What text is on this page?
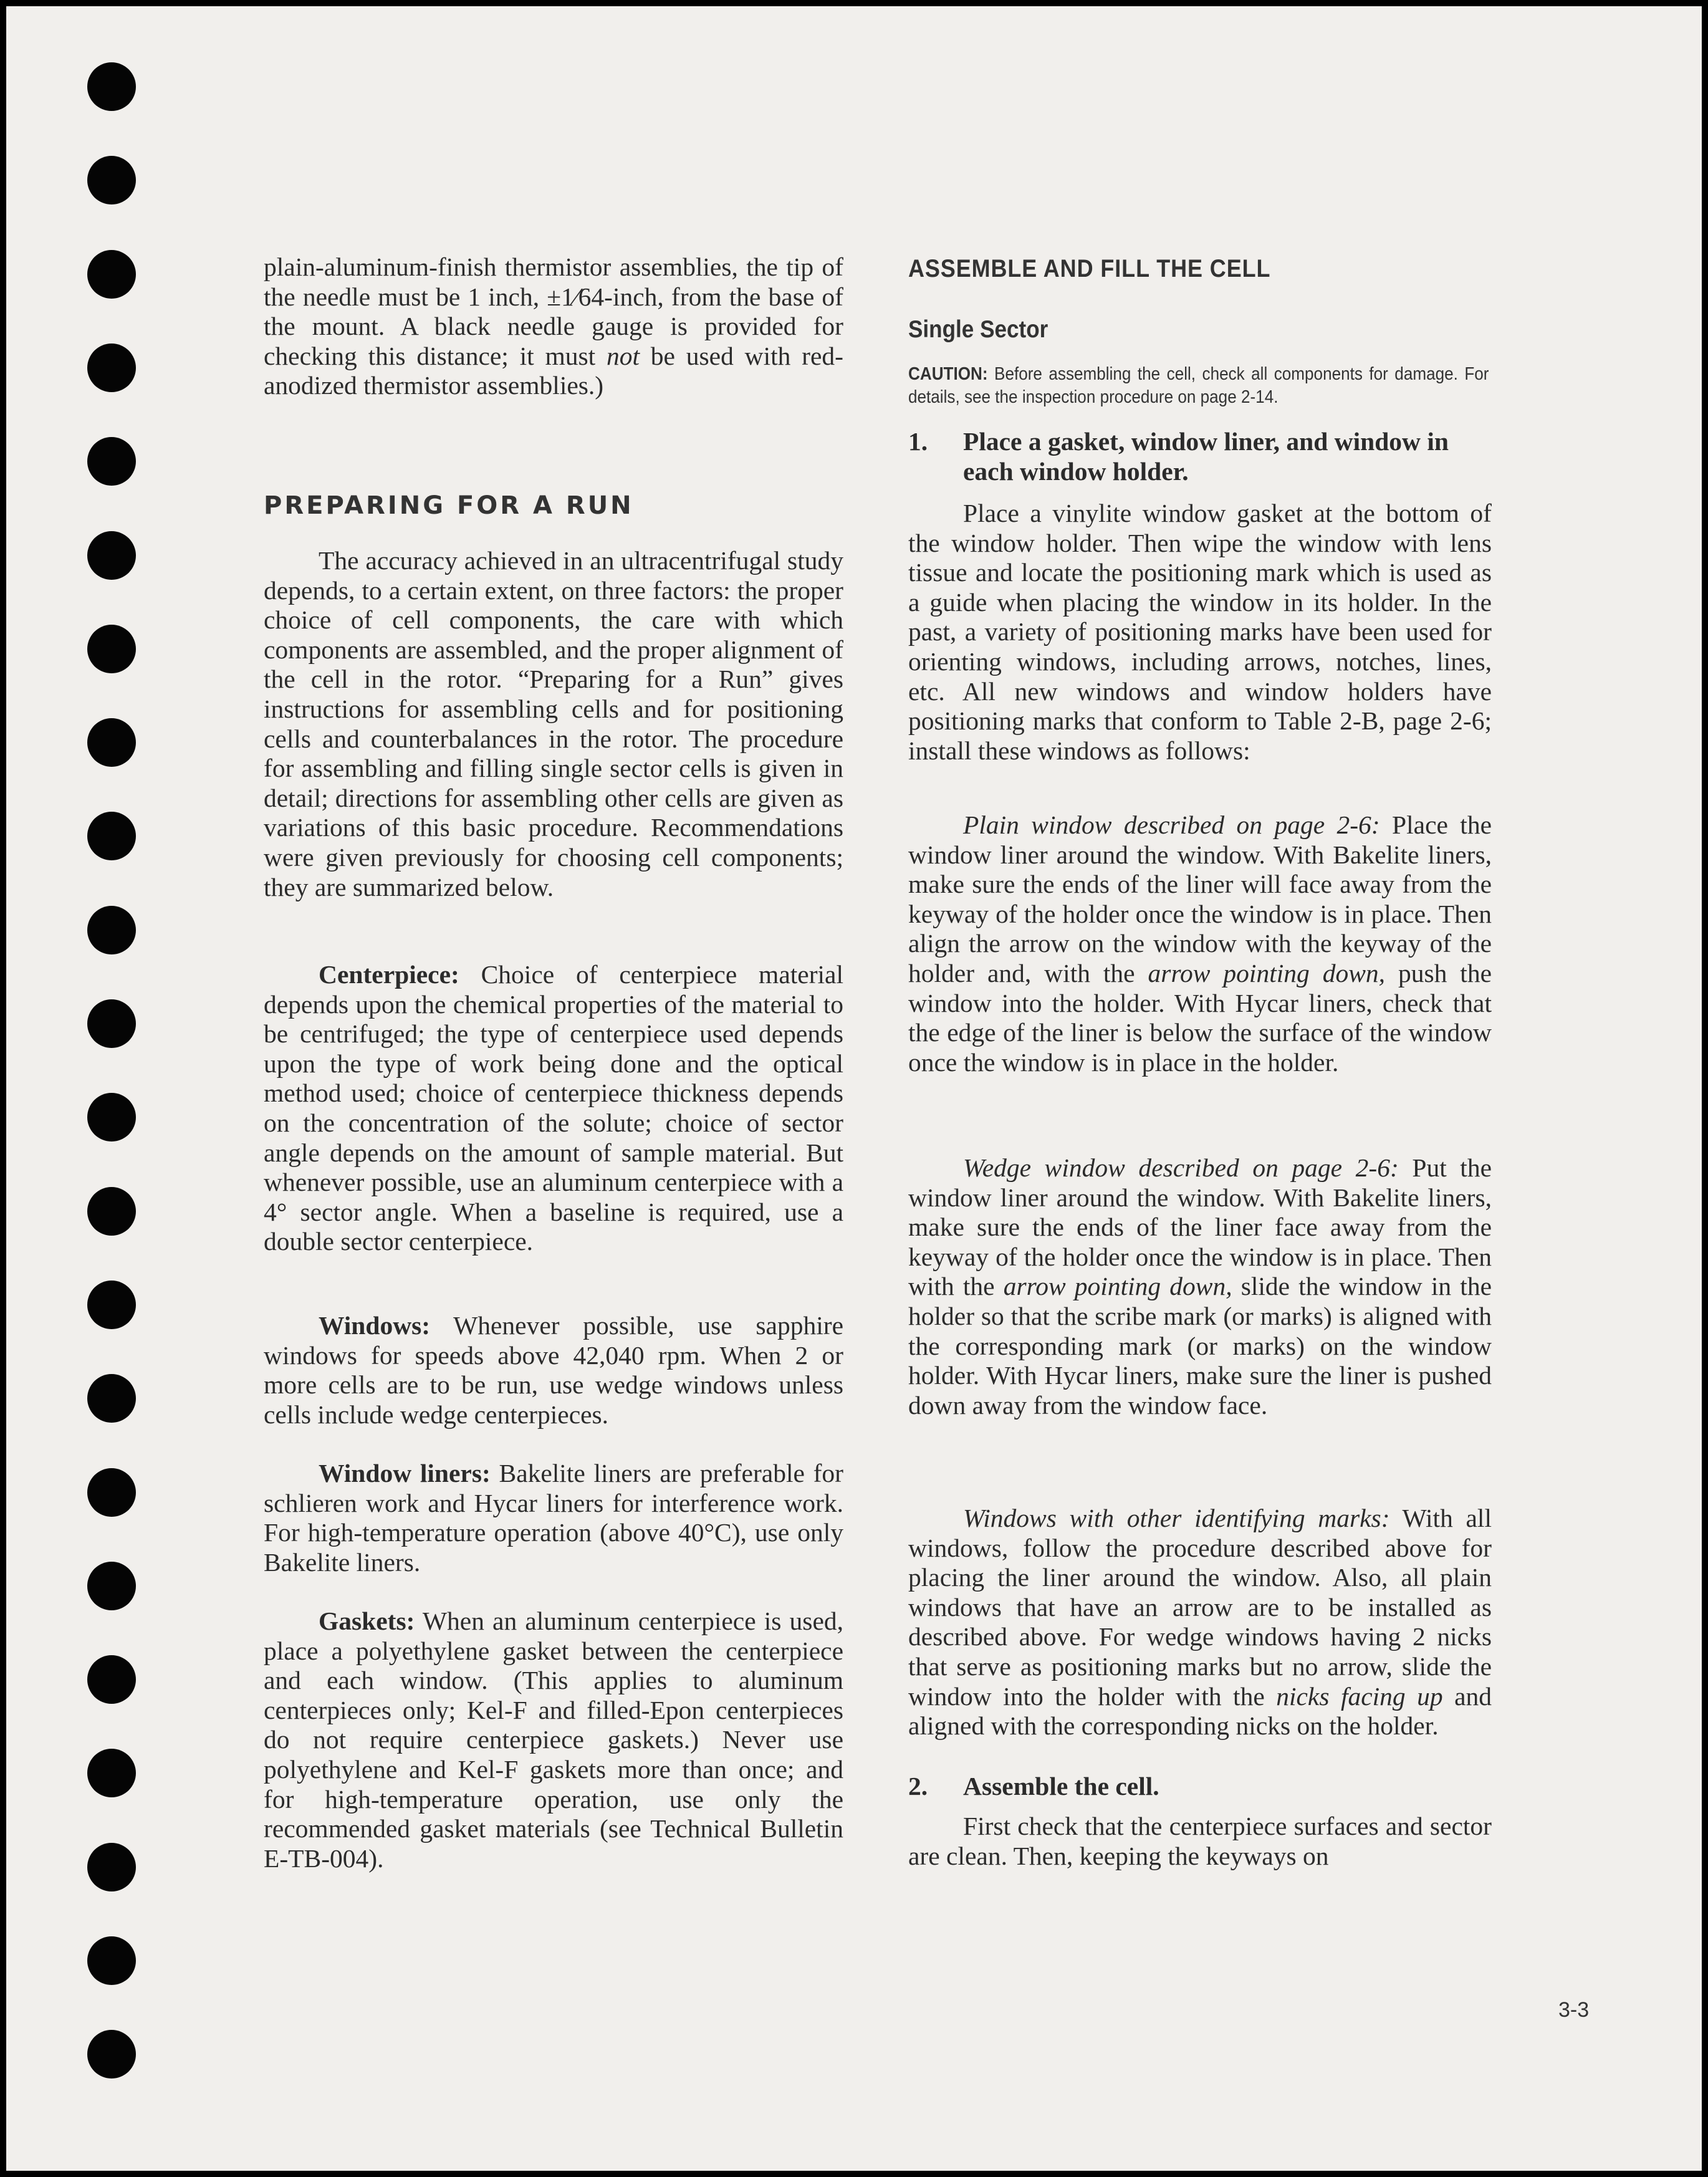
plain-aluminum-finish thermistor assemblies, the tip of the needle must be 1 inch, ±1⁄64-inch, from the base of the mount. A black needle gauge is provided for checking this distance; it must not be used with red-anodized thermistor assemblies.)
PREPARING FOR A RUN
The accuracy achieved in an ultracentrifugal study depends, to a certain extent, on three factors: the proper choice of cell components, the care with which components are assembled, and the proper alignment of the cell in the rotor. “Preparing for a Run” gives instructions for assembling cells and for positioning cells and counterbalances in the rotor. The procedure for assembling and filling single sector cells is given in detail; directions for assembling other cells are given as variations of this basic procedure. Recommendations were given previously for choosing cell components; they are summarized below.
Centerpiece: Choice of centerpiece material depends upon the chemical properties of the material to be centrifuged; the type of centerpiece used depends upon the type of work being done and the optical method used; choice of centerpiece thickness depends on the concentration of the solute; choice of sector angle depends on the amount of sample material. But whenever possible, use an aluminum centerpiece with a 4° sector angle. When a baseline is required, use a double sector centerpiece.
Windows: Whenever possible, use sapphire windows for speeds above 42,040 rpm. When 2 or more cells are to be run, use wedge windows unless cells include wedge centerpieces.
Window liners: Bakelite liners are preferable for schlieren work and Hycar liners for interference work. For high-temperature operation (above 40°C), use only Bakelite liners.
Gaskets: When an aluminum centerpiece is used, place a polyethylene gasket between the centerpiece and each window. (This applies to aluminum centerpieces only; Kel-F and filled-Epon centerpieces do not require centerpiece gaskets.) Never use polyethylene and Kel-F gaskets more than once; and for high-temperature operation, use only the recommended gasket materials (see Technical Bulletin E-TB-004).
ASSEMBLE AND FILL THE CELL
Single Sector
CAUTION: Before assembling the cell, check all components for damage. For details, see the inspection procedure on page 2-14.
1.	Place a gasket, window liner, and window in each window holder.
Place a vinylite window gasket at the bottom of the window holder. Then wipe the window with lens tissue and locate the positioning mark which is used as a guide when placing the window in its holder. In the past, a variety of positioning marks have been used for orienting windows, including arrows, notches, lines, etc. All new windows and window holders have positioning marks that conform to Table 2-B, page 2-6; install these windows as follows:
Plain window described on page 2-6: Place the window liner around the window. With Bakelite liners, make sure the ends of the liner will face away from the keyway of the holder once the window is in place. Then align the arrow on the window with the keyway of the holder and, with the arrow pointing down, push the window into the holder. With Hycar liners, check that the edge of the liner is below the surface of the window once the window is in place in the holder.
Wedge window described on page 2-6: Put the window liner around the window. With Bakelite liners, make sure the ends of the liner face away from the keyway of the holder once the window is in place. Then with the arrow pointing down, slide the window in the holder so that the scribe mark (or marks) is aligned with the corresponding mark (or marks) on the window holder. With Hycar liners, make sure the liner is pushed down away from the window face.
Windows with other identifying marks: With all windows, follow the procedure described above for placing the liner around the window. Also, all plain windows that have an arrow are to be installed as described above. For wedge windows having 2 nicks that serve as positioning marks but no arrow, slide the window into the holder with the nicks facing up and aligned with the corresponding nicks on the holder.
2.	Assemble the cell.
First check that the centerpiece surfaces and sector are clean. Then, keeping the keyways on
3-3
